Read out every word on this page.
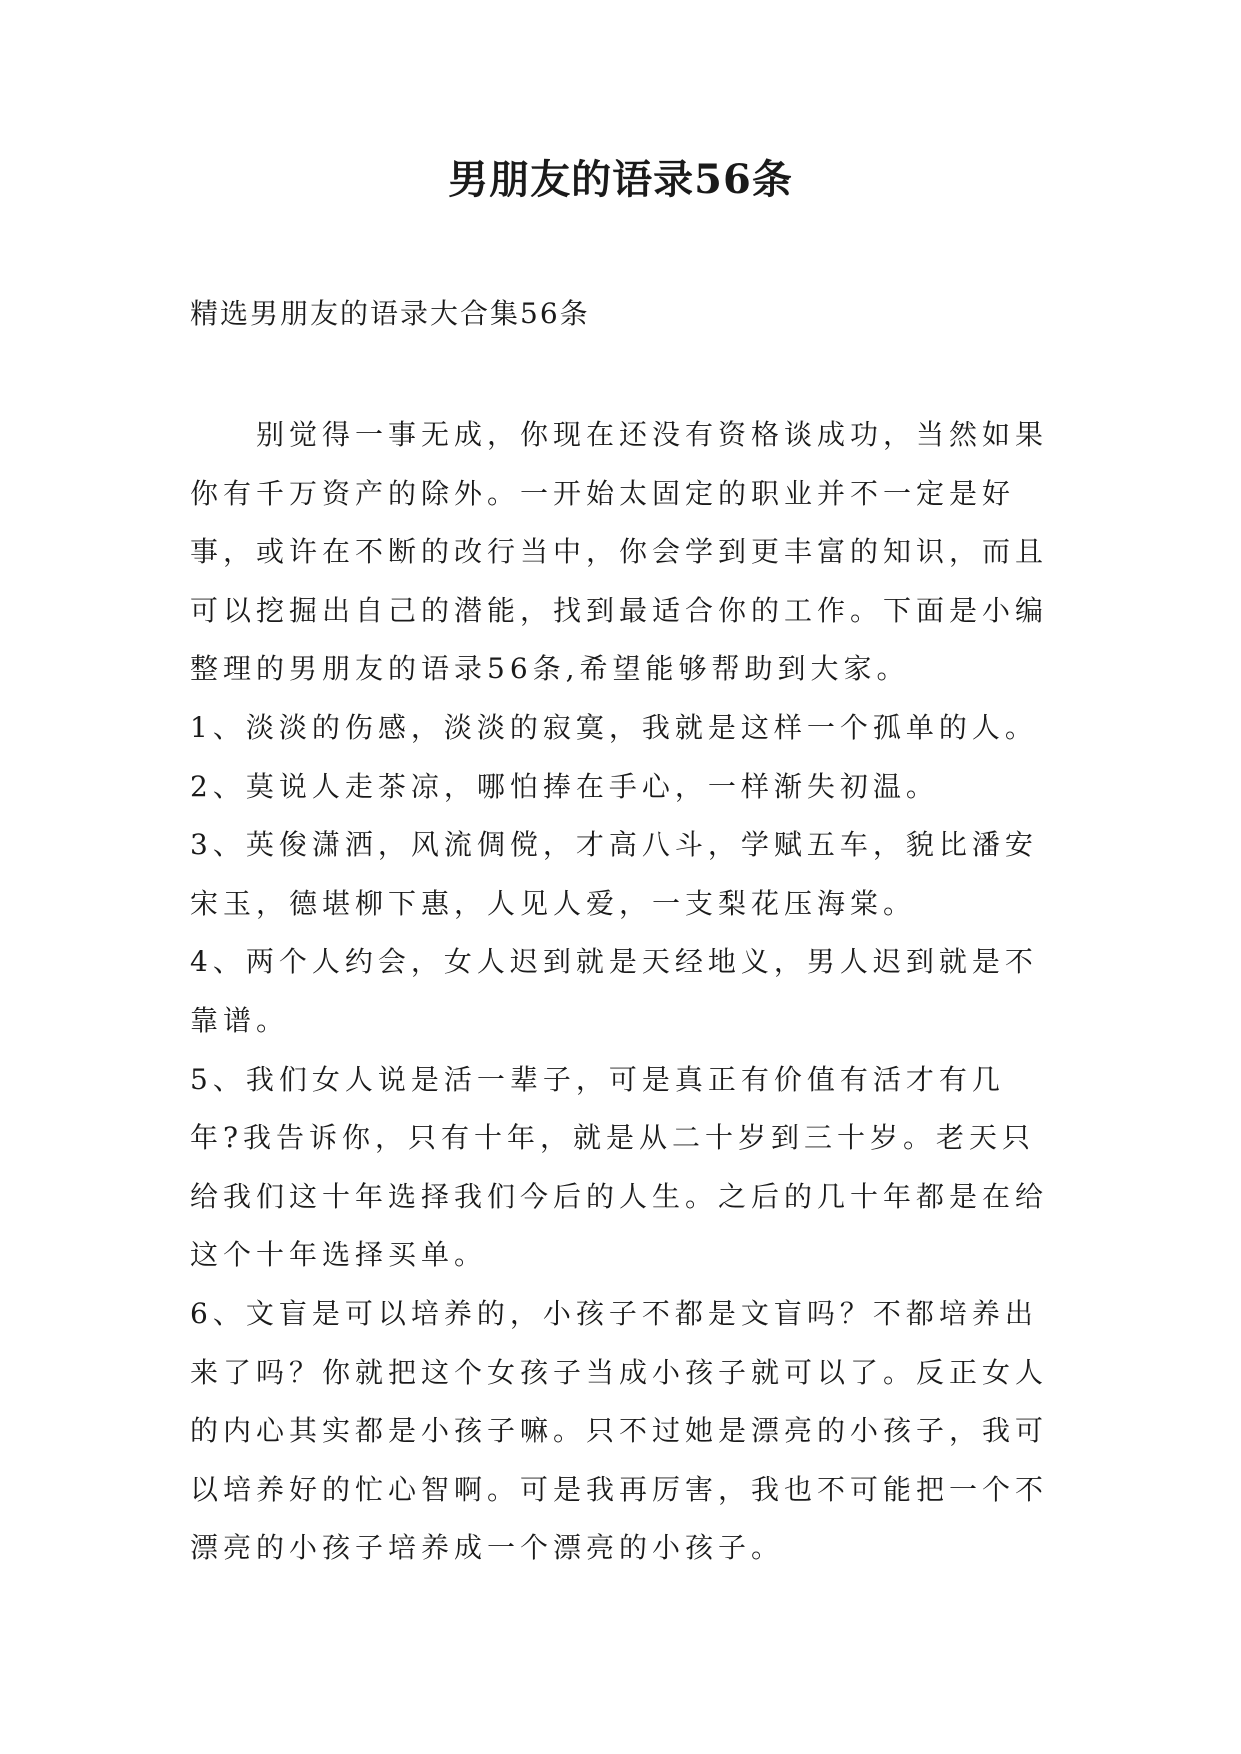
男朋友的语录56条
精选男朋友的语录大合集56条

别觉得一事无成，你现在还没有资格谈成功，当然如果你有千万资产的除外。一开始太固定的职业并不一定是好事，或许在不断的改行当中，你会学到更丰富的知识，而且可以挖掘出自己的潜能，找到最适合你的工作。下面是小编整理的男朋友的语录56条,希望能够帮助到大家。

1、淡淡的伤感，淡淡的寂寞，我就是这样一个孤单的人。

2、莫说人走茶凉，哪怕捧在手心，一样渐失初温。

3、英俊潇洒，风流倜傥，才高八斗，学赋五车，貌比潘安宋玉，德堪柳下惠，人见人爱，一支梨花压海棠。

4、两个人约会，女人迟到就是天经地义，男人迟到就是不靠谱。

5、我们女人说是活一辈子，可是真正有价值有活才有几年?我告诉你，只有十年，就是从二十岁到三十岁。老天只给我们这十年选择我们今后的人生。之后的几十年都是在给这个十年选择买单。

6、文盲是可以培养的，小孩子不都是文盲吗？不都培养出来了吗？你就把这个女孩子当成小孩子就可以了。反正女人的内心其实都是小孩子嘛。只不过她是漂亮的小孩子，我可以培养好的忙心智啊。可是我再厉害，我也不可能把一个不漂亮的小孩子培养成一个漂亮的小孩子。
